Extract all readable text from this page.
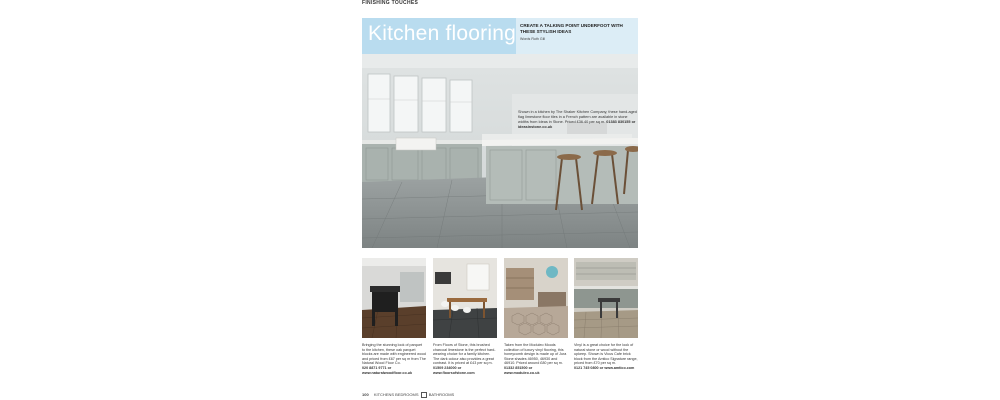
FINISHING TOUCHES
Kitchen flooring CREATE A TALKING POINT UNDERFOOT WITH THESE STYLISH IDEAS
Words Ruth Gill
Shown in a kitchen by The Shaker Kitchen Company, these hand-aged flag limestone floor tiles in a French pattern are available in stone widths from Ideas in Stone. Priced £36.40 per sq m. 01383 830155 or ideasinstone.co.uk
Bringing the stunning look of parquet to the kitchen, these oak parquet blocks are made with engineered wood and priced from £67 per sq m from The Natural Wood Floor Co.
020 8871 9771 or www.naturalwoodfloor.co.uk
From Floors of Stone, this brushed charcoal limestone is the perfect hard-wearing choice for a family kitchen. The dark colour also provides a great contrast. It is priced at £43 per sq m.
01509 234000 or www.floorsofstone.com
Taken from the Moduleo Moods collection of luxury vinyl flooring, this honeycomb design is made up of Jura Stone shades 46950, 46930 and 46910. Priced around £80 per sq m.
01332 851500 or www.moduleo.co.uk
Vinyl is a great choice for the look of natural stone or wood without the upkeep. Shown is Vicus Cafe brick block from the Amtico Signature range, priced from £70 per sq m.
0121 745 0800 or www.amtico.com
100 KITCHENS BEDROOMS	BATHROOMS
